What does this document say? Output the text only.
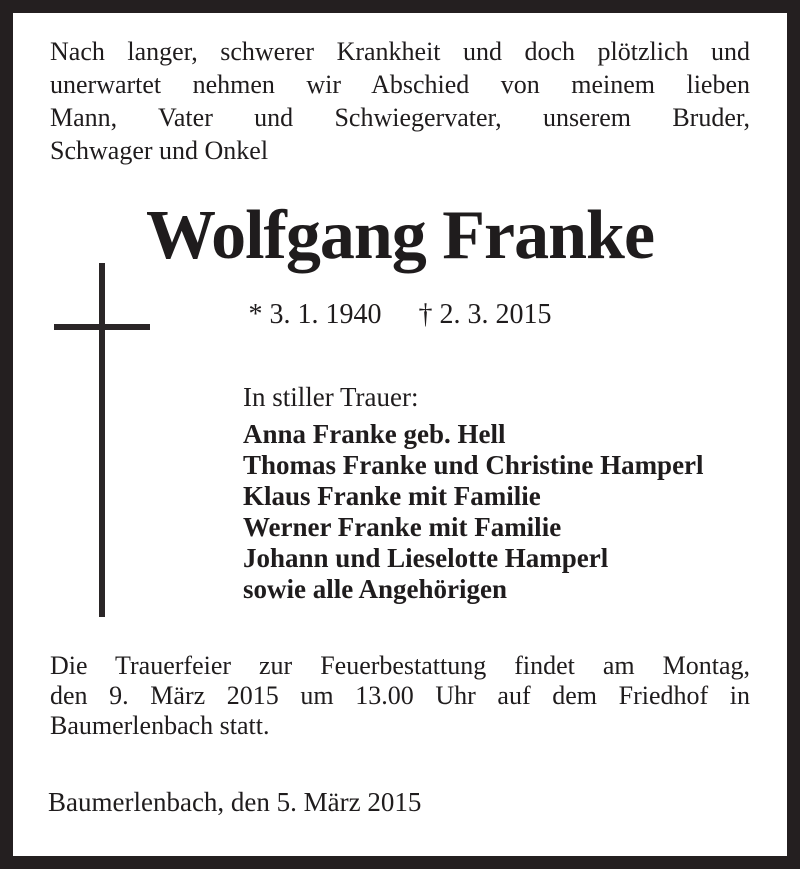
Nach langer, schwerer Krankheit und doch plötzlich und
unerwartet nehmen wir Abschied von meinem lieben
Mann, Vater und Schwiegervater, unserem Bruder,
Schwager und Onkel
Wolfgang Franke
* 3. 1. 1940 † 2. 3. 2015
In stiller Trauer:
Anna Franke geb. Hell
Thomas Franke und Christine Hamperl
Klaus Franke mit Familie
Werner Franke mit Familie
Johann und Lieselotte Hamperl
sowie alle Angehörigen
Die Trauerfeier zur Feuerbestattung findet am Montag,
den 9. März 2015 um 13.00 Uhr auf dem Friedhof in
Baumerlenbach statt.
Baumerlenbach, den 5. März 2015
